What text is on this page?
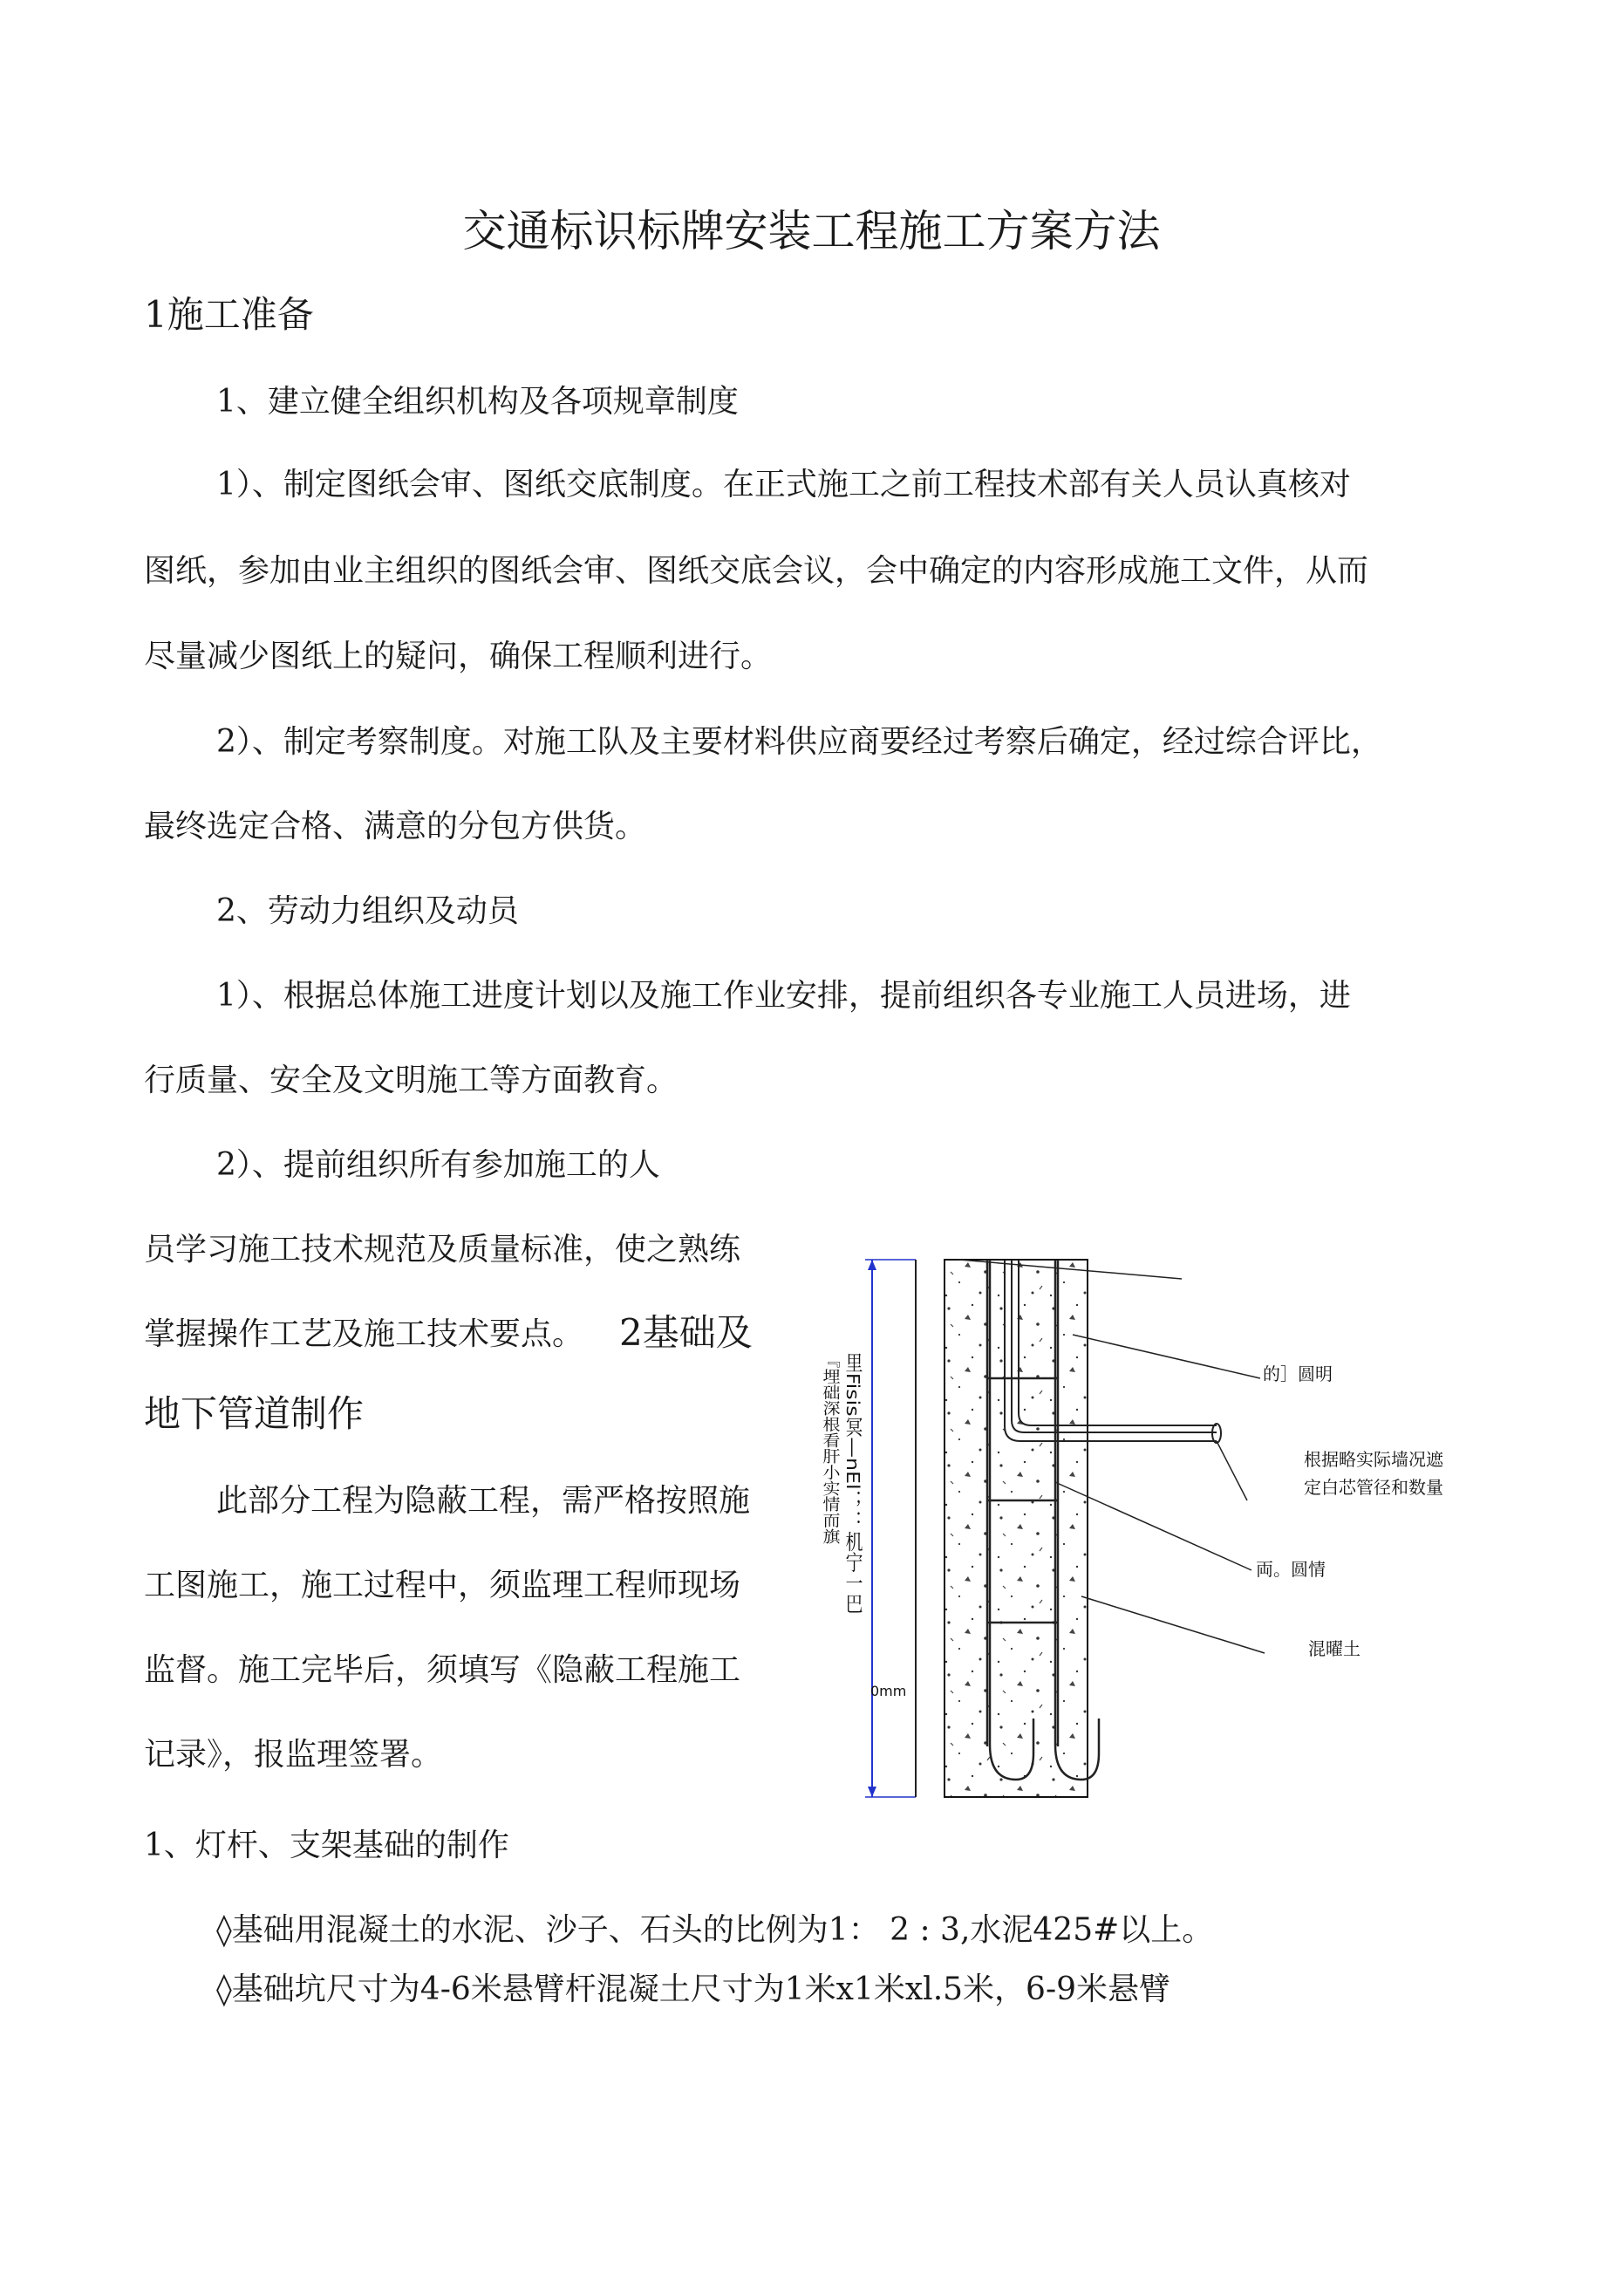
交通标识标牌安装工程施工方案方法
1施工准备
1、建立健全组织机构及各项规章制度
1）、制定图纸会审、图纸交底制度。在正式施工之前工程技术部有关人员认真核对
图纸，参加由业主组织的图纸会审、图纸交底会议，会中确定的内容形成施工文件，从而
尽量减少图纸上的疑问，确保工程顺利进行。
2）、制定考察制度。对施工队及主要材料供应商要经过考察后确定，经过综合评比，
最终选定合格、满意的分包方供货。
2、劳动力组织及动员
1）、根据总体施工进度计划以及施工作业安排，提前组织各专业施工人员进场，进
行质量、安全及文明施工等方面教育。
2）、提前组织所有参加施工的人
员学习施工技术规范及质量标准，使之熟练
掌握操作工艺及施工技术要点。 2基础及
地下管道制作
此部分工程为隐蔽工程，需严格按照施
工图施工，施工过程中，须监理工程师现场
监督。施工完毕后，须填写《隐蔽工程施工
记录》，报监理签署。
1、灯杆、支架基础的制作
◊基础用混凝土的水泥、沙子、石头的比例为1： 2 : 3,水泥425#以上。
◊基础坑尺寸为4-6米悬臂杆混凝土尺寸为1米x1米xl.5米，6-9米悬臂
的］圆明
根据略实际墙况遮
定白芯管径和数量
両。圆情
混曜土
0mm
『埋础深根看肝小实情而旗 里Fisis冥—nEl；：机宁一巴
